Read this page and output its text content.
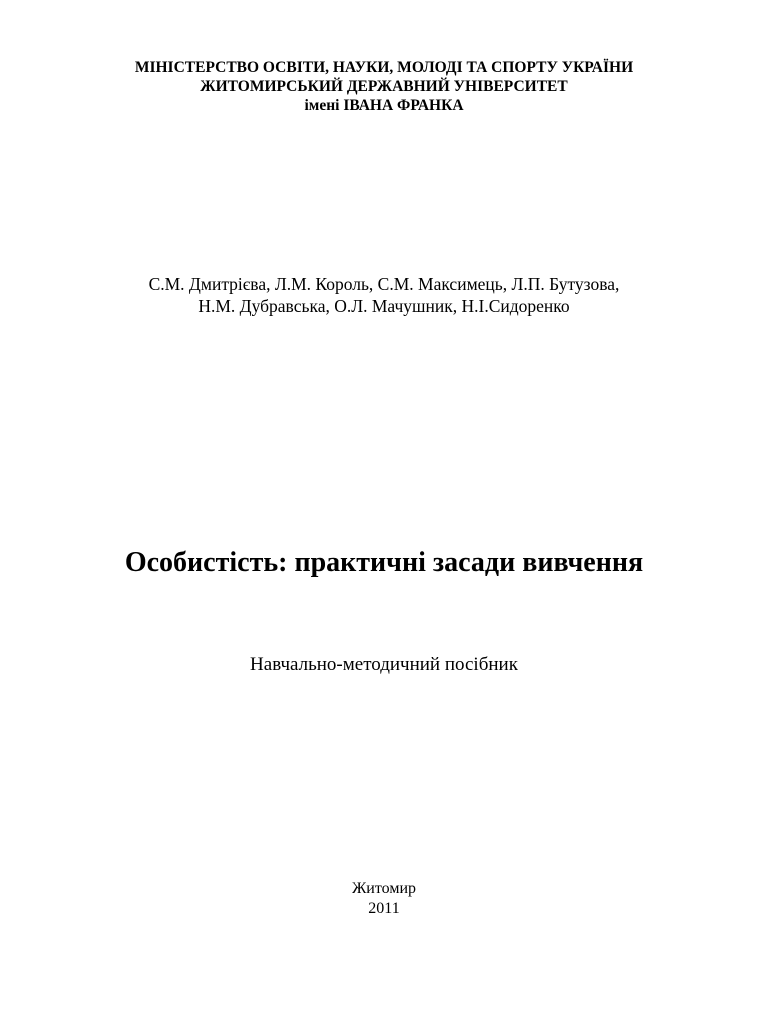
МІНІСТЕРСТВО ОСВІТИ, НАУКИ, МОЛОДІ ТА СПОРТУ УКРАЇНИ
ЖИТОМИРСЬКИЙ ДЕРЖАВНИЙ УНІВЕРСИТЕТ
імені ІВАНА ФРАНКА
С.М. Дмитрієва, Л.М. Король, С.М. Максимець, Л.П. Бутузова,
Н.М. Дубравська, О.Л. Мачушник, Н.І.Сидоренко
Особистість: практичні засади вивчення
Навчально-методичний посібник
Житомир
2011
